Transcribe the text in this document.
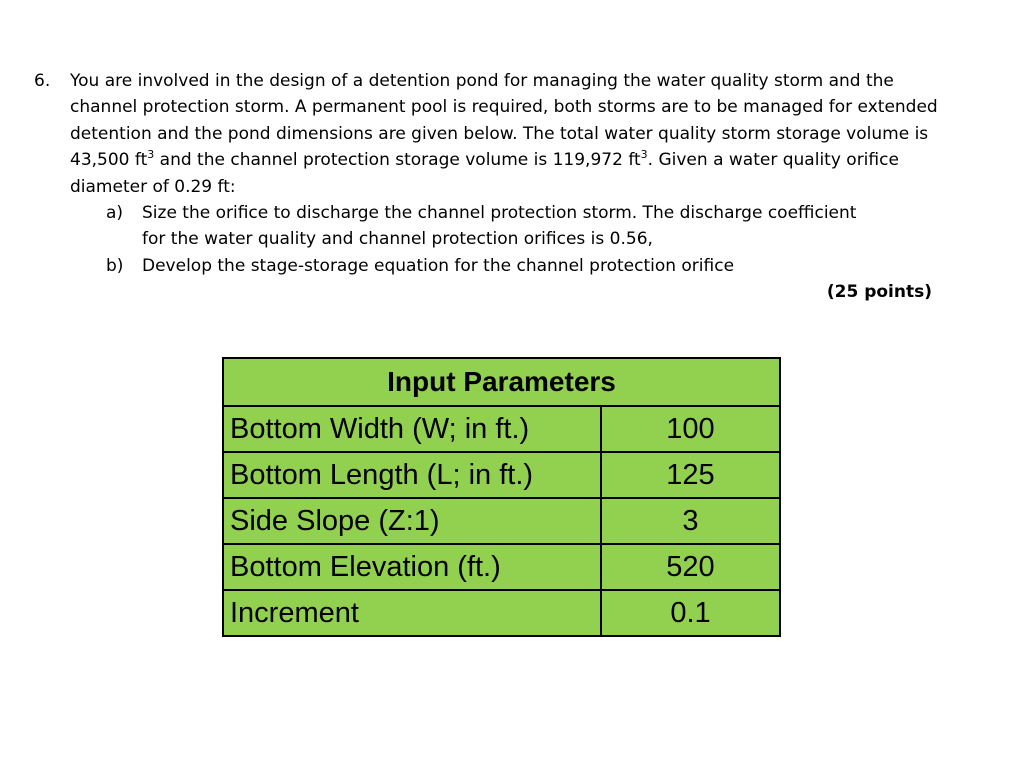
6.	You are involved in the design of a detention pond for managing the water quality storm and the channel protection storm. A permanent pool is required, both storms are to be managed for extended detention and the pond dimensions are given below. The total water quality storm storage volume is 43,500 $ft^3$ and the channel protection storage volume is 119,972 $ft^3$. Given a water quality orifice diameter of 0.29 ft:
a)	Size the orifice to discharge the channel protection storm. The discharge coefficient for the water quality and channel protection orifices is 0.56,
b)	Develop the stage-storage equation for the channel protection orifice
(25 points)
Input Parameters	
Bottom Width (W; in ft.)	100
Bottom Length (L; in ft.)	125
Side Slope (Z:1)	3
Bottom Elevation (ft.)	520
Increment	0.1
